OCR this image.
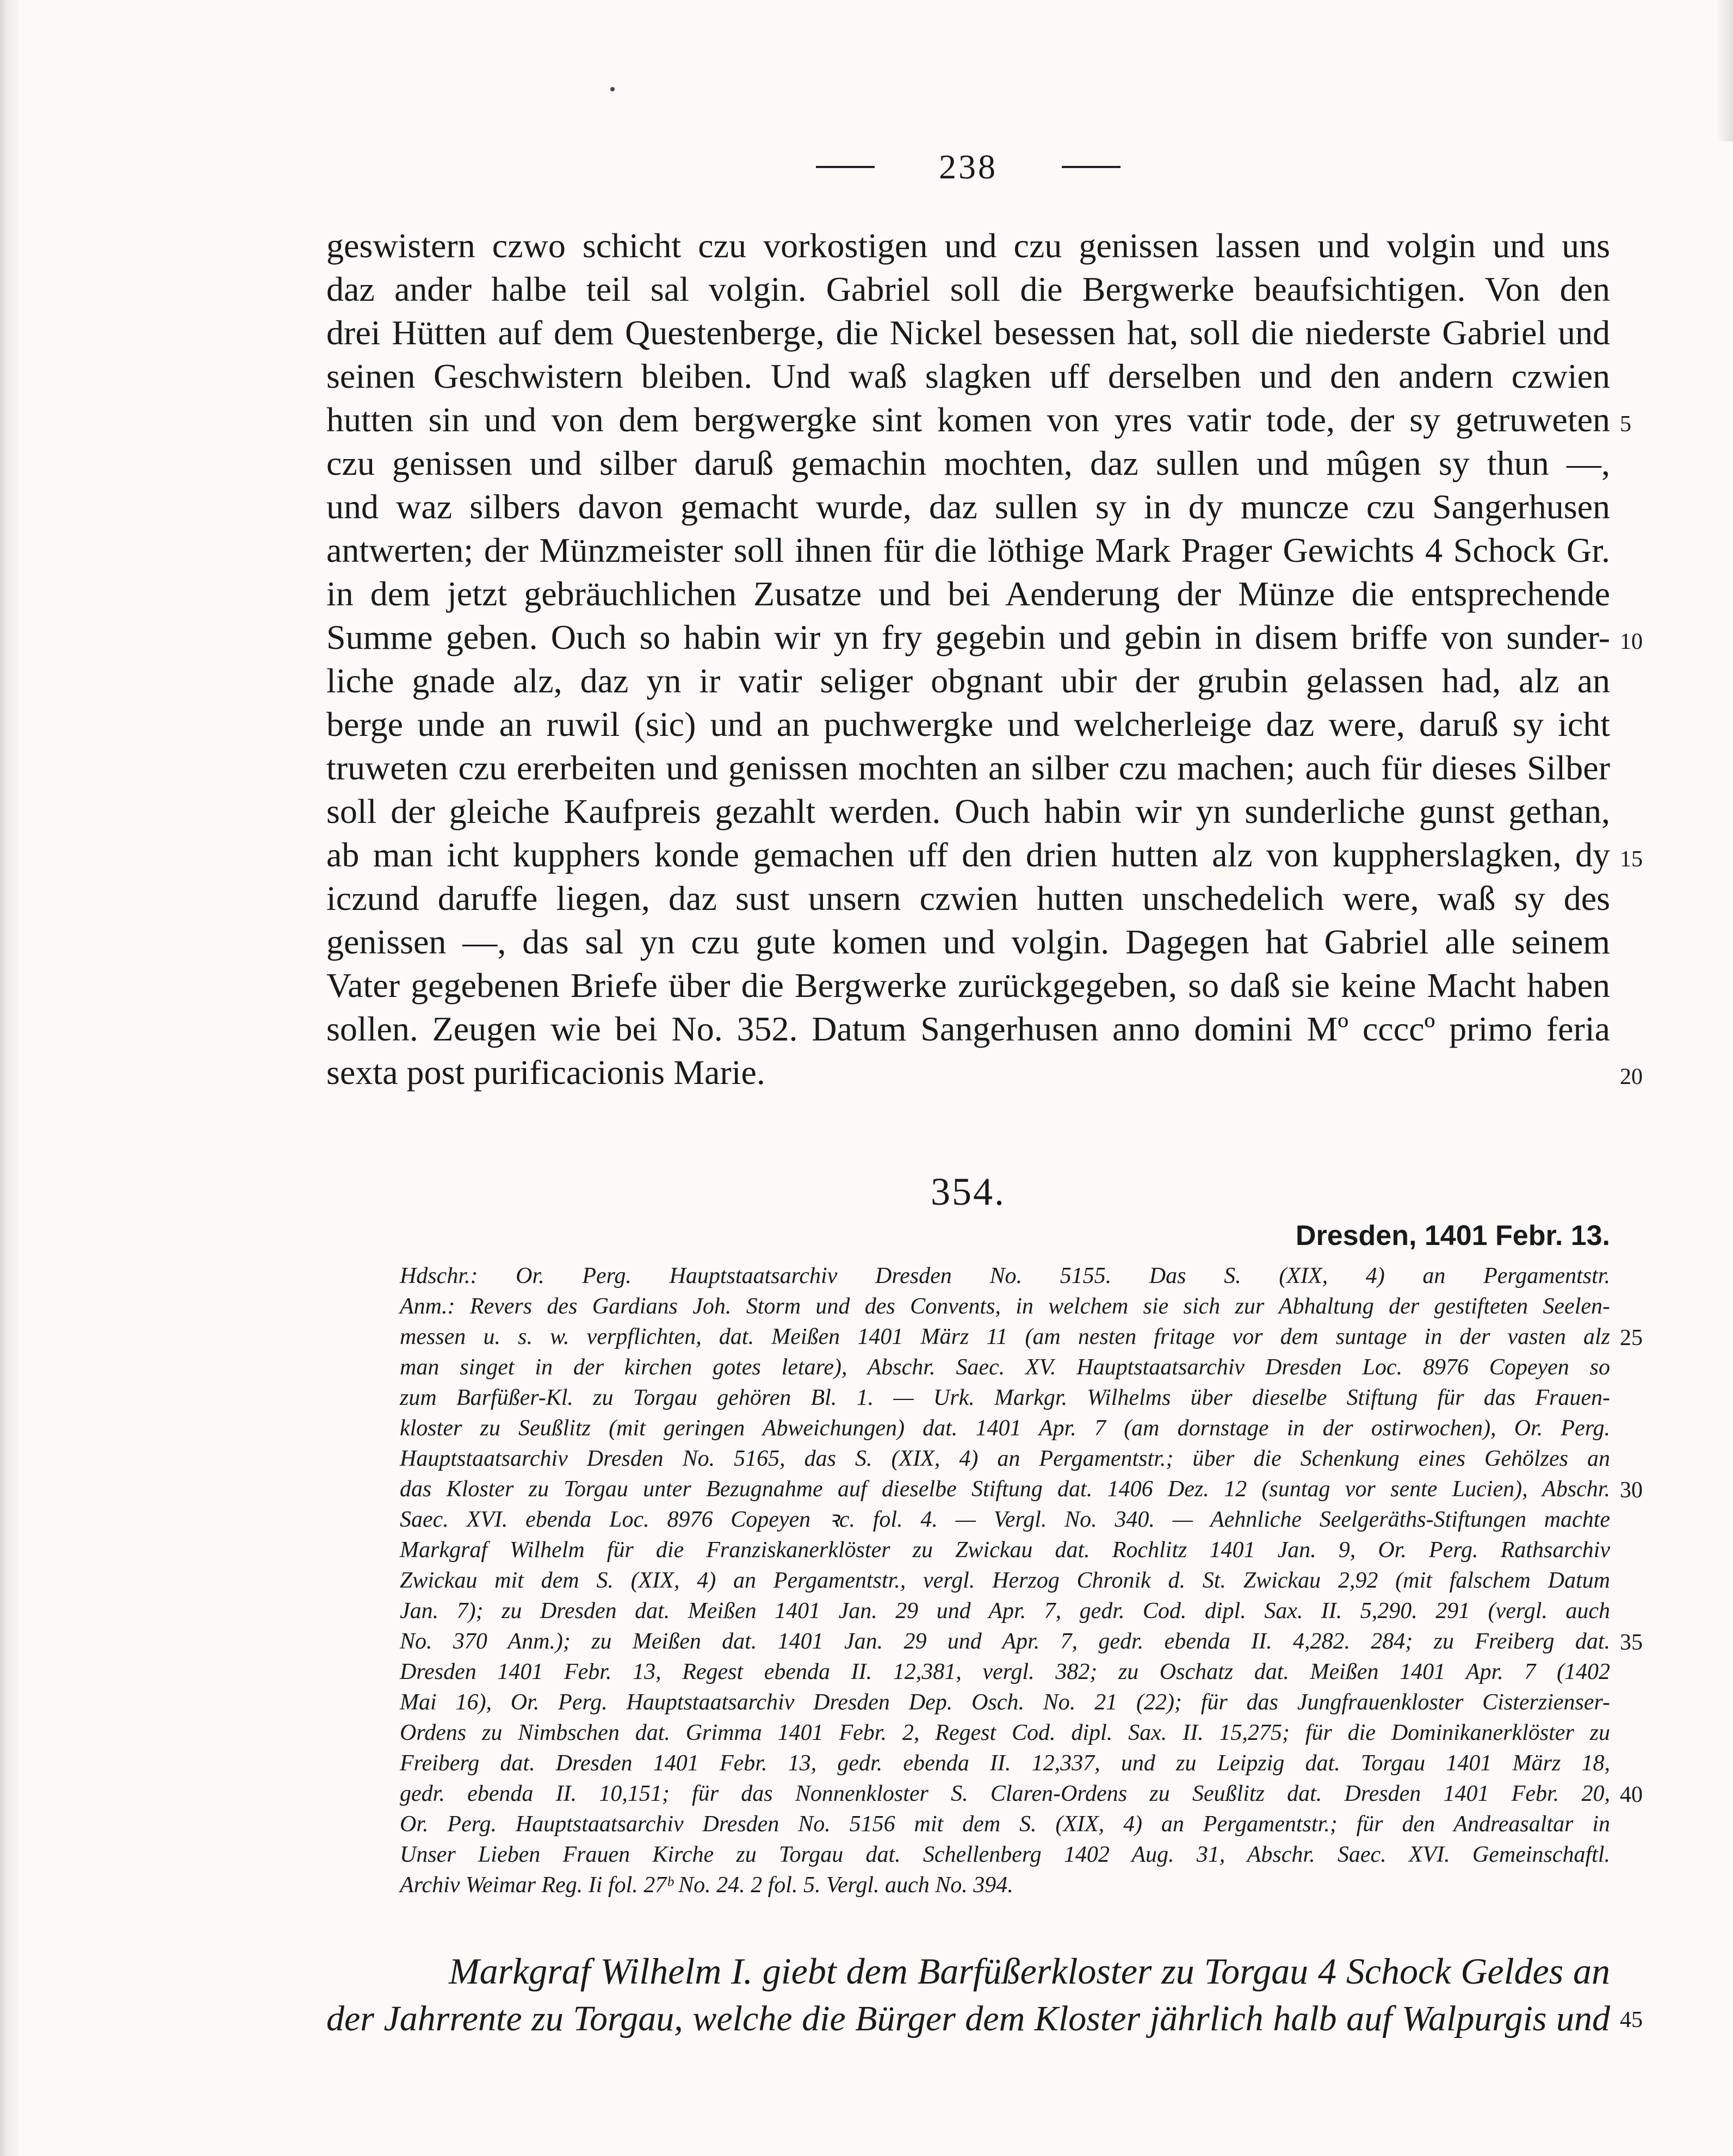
238
geswistern czwo schicht czu vorkostigen und czu genissen lassen und volgin und uns
daz ander halbe teil sal volgin. Gabriel soll die Bergwerke beaufsichtigen. Von den
drei Hütten auf dem Questenberge, die Nickel besessen hat, soll die niederste Gabriel und
seinen Geschwistern bleiben. Und waß slagken uff derselben und den andern czwien
hutten sin und von dem bergwergke sint komen von yres vatir tode, der sy getruweten
czu genissen und silber daruß gemachin mochten, daz sullen und mûgen sy thun —,
und waz silbers davon gemacht wurde, daz sullen sy in dy muncze czu Sangerhusen
antwerten; der Münzmeister soll ihnen für die löthige Mark Prager Gewichts 4 Schock Gr.
in dem jetzt gebräuchlichen Zusatze und bei Aenderung der Münze die entsprechende
Summe geben. Ouch so habin wir yn fry gegebin und gebin in disem briffe von sunder-
liche gnade alz, daz yn ir vatir seliger obgnant ubir der grubin gelassen had, alz an
berge unde an ruwil (sic) und an puchwergke und welcherleige daz were, daruß sy icht
truweten czu ererbeiten und genissen mochten an silber czu machen; auch für dieses Silber
soll der gleiche Kaufpreis gezahlt werden. Ouch habin wir yn sunderliche gunst gethan,
ab man icht kupphers konde gemachen uff den drien hutten alz von kuppherslagken, dy
iczund daruffe liegen, daz sust unsern czwien hutten unschedelich were, waß sy des
genissen —, das sal yn czu gute komen und volgin. Dagegen hat Gabriel alle seinem
Vater gegebenen Briefe über die Bergwerke zurückgegeben, so daß sie keine Macht haben
sollen. Zeugen wie bei No. 352. Datum Sangerhusen anno domini Mº ccccº primo feria
sexta post purificacionis Marie.
5
10
15
20
354.
Dresden, 1401 Febr. 13.
Hdschr.: Or. Perg. Hauptstaatsarchiv Dresden No. 5155. Das S. (XIX, 4) an Pergamentstr.
Anm.: Revers des Gardians Joh. Storm und des Convents, in welchem sie sich zur Abhaltung der gestifteten Seelen-
messen u. s. w. verpflichten, dat. Meißen 1401 März 11 (am nesten fritage vor dem suntage in der vasten alz
man singet in der kirchen gotes letare), Abschr. Saec. XV. Hauptstaatsarchiv Dresden Loc. 8976 Copeyen so
zum Barfüßer-Kl. zu Torgau gehören Bl. 1. — Urk. Markgr. Wilhelms über dieselbe Stiftung für das Frauen-
kloster zu Seußlitz (mit geringen Abweichungen) dat. 1401 Apr. 7 (am dornstage in der ostirwochen), Or. Perg.
Hauptstaatsarchiv Dresden No. 5165, das S. (XIX, 4) an Pergamentstr.; über die Schenkung eines Gehölzes an
das Kloster zu Torgau unter Bezugnahme auf dieselbe Stiftung dat. 1406 Dez. 12 (suntag vor sente Lucien), Abschr.
Saec. XVI. ebenda Loc. 8976 Copeyen ꝛc. fol. 4. — Vergl. No. 340. — Aehnliche Seelgeräths-Stiftungen machte
Markgraf Wilhelm für die Franziskanerklöster zu Zwickau dat. Rochlitz 1401 Jan. 9, Or. Perg. Rathsarchiv
Zwickau mit dem S. (XIX, 4) an Pergamentstr., vergl. Herzog Chronik d. St. Zwickau 2,92 (mit falschem Datum
Jan. 7); zu Dresden dat. Meißen 1401 Jan. 29 und Apr. 7, gedr. Cod. dipl. Sax. II. 5,290. 291 (vergl. auch
No. 370 Anm.); zu Meißen dat. 1401 Jan. 29 und Apr. 7, gedr. ebenda II. 4,282. 284; zu Freiberg dat.
Dresden 1401 Febr. 13, Regest ebenda II. 12,381, vergl. 382; zu Oschatz dat. Meißen 1401 Apr. 7 (1402
Mai 16), Or. Perg. Hauptstaatsarchiv Dresden Dep. Osch. No. 21 (22); für das Jungfrauenkloster Cisterzienser-
Ordens zu Nimbschen dat. Grimma 1401 Febr. 2, Regest Cod. dipl. Sax. II. 15,275; für die Dominikanerklöster zu
Freiberg dat. Dresden 1401 Febr. 13, gedr. ebenda II. 12,337, und zu Leipzig dat. Torgau 1401 März 18,
gedr. ebenda II. 10,151; für das Nonnenkloster S. Claren-Ordens zu Seußlitz dat. Dresden 1401 Febr. 20,
Or. Perg. Hauptstaatsarchiv Dresden No. 5156 mit dem S. (XIX, 4) an Pergamentstr.; für den Andreasaltar in
Unser Lieben Frauen Kirche zu Torgau dat. Schellenberg 1402 Aug. 31, Abschr. Saec. XVI. Gemeinschaftl.
Archiv Weimar Reg. Ii fol. 27ᵇ No. 24. 2 fol. 5. Vergl. auch No. 394.
25
30
35
40
Markgraf Wilhelm I. giebt dem Barfüßerkloster zu Torgau 4 Schock Geldes an
der Jahrrente zu Torgau, welche die Bürger dem Kloster jährlich halb auf Walpurgis und 45
